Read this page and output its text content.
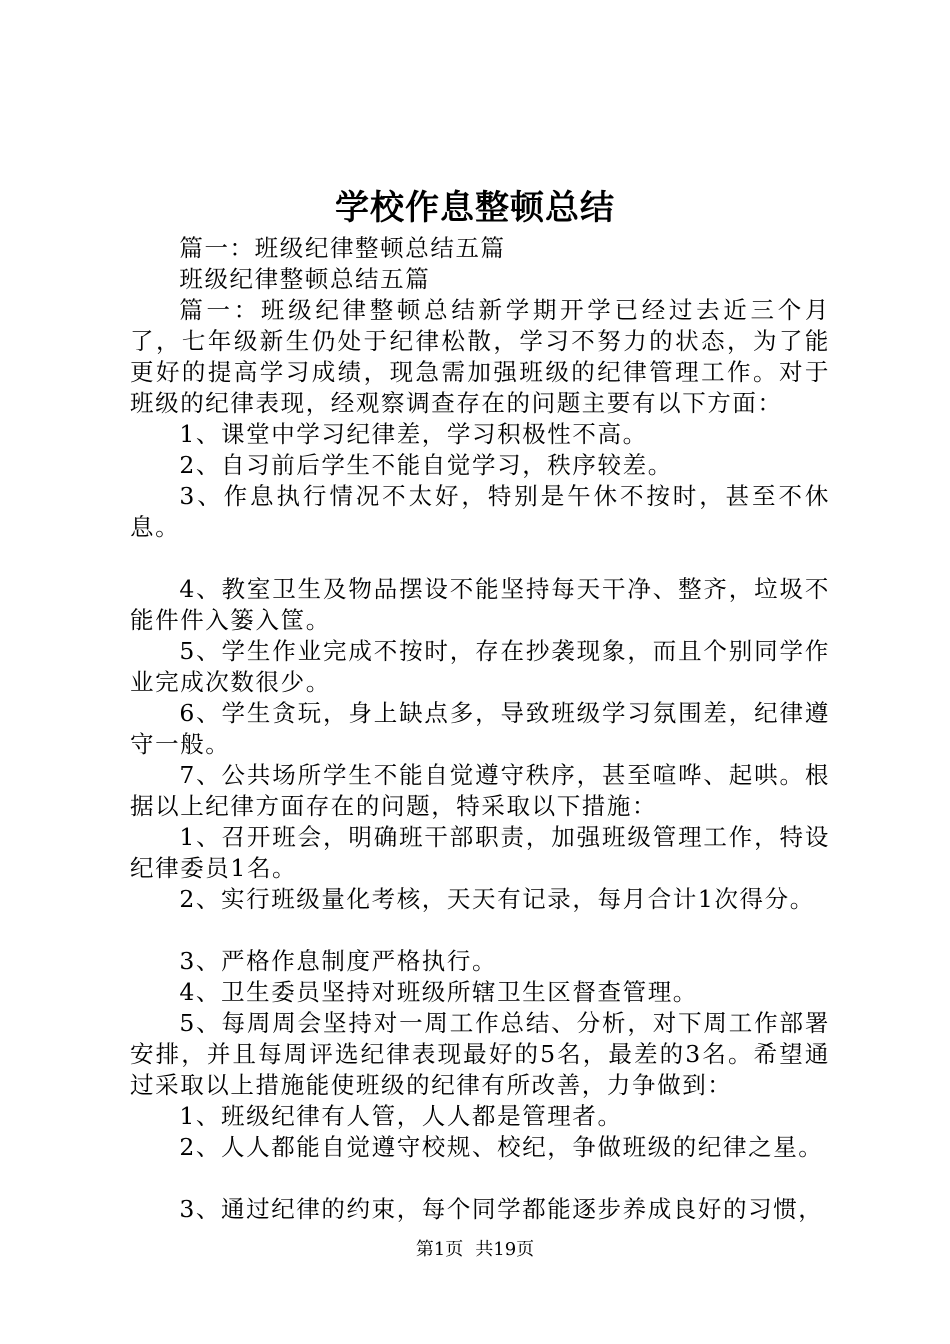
学校作息整顿总结

篇一：班级纪律整顿总结五篇

班级纪律整顿总结五篇

篇一：班级纪律整顿总结新学期开学已经过去近三个月了，七年级新生仍处于纪律松散，学习不努力的状态，为了能更好的提高学习成绩，现急需加强班级的纪律管理工作。对于班级的纪律表现，经观察调查存在的问题主要有以下方面：

1、课堂中学习纪律差，学习积极性不高。

2、自习前后学生不能自觉学习，秩序较差。

3、作息执行情况不太好，特别是午休不按时，甚至不休息。

4、教室卫生及物品摆设不能坚持每天干净、整齐，垃圾不能件件入篓入筐。

5、学生作业完成不按时，存在抄袭现象，而且个别同学作业完成次数很少。

6、学生贪玩，身上缺点多，导致班级学习氛围差，纪律遵守一般。

7、公共场所学生不能自觉遵守秩序，甚至喧哗、起哄。根据以上纪律方面存在的问题，特采取以下措施：

1、召开班会，明确班干部职责，加强班级管理工作，特设纪律委员1名。

2、实行班级量化考核，天天有记录，每月合计1次得分。

3、严格作息制度严格执行。

4、卫生委员坚持对班级所辖卫生区督查管理。

5、每周周会坚持对一周工作总结、分析，对下周工作部署安排，并且每周评选纪律表现最好的5名，最差的3名。希望通过采取以上措施能使班级的纪律有所改善，力争做到：

1、班级纪律有人管，人人都是管理者。

2、人人都能自觉遵守校规、校纪，争做班级的纪律之星。

3、通过纪律的约束，每个同学都能逐步养成良好的习惯，

第1页 共19页
